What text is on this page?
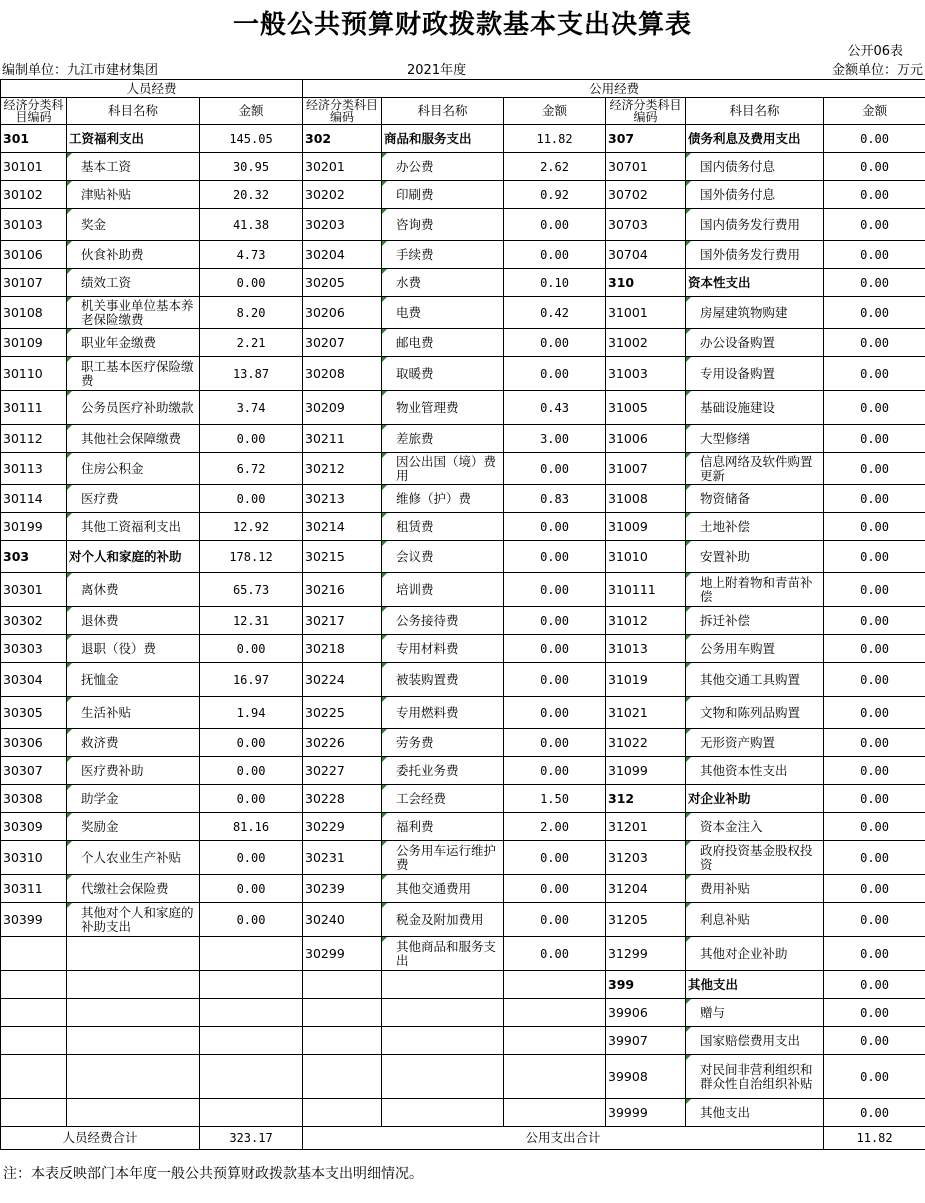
一般公共预算财政拨款基本支出决算表
公开06表
编制单位：九江市建材集团	2021年度	金额单位：万元
人员经费			公用经费					
经济分类科目编码	科目名称	金额	经济分类科目编码	科目名称	金额	经济分类科目编码	科目名称	金额
301	工资福利支出	145.05	302	商品和服务支出	11.82	307	债务利息及费用支出	0.00
30101	基本工资	30.95	30201	办公费	2.62	30701	国内债务付息	0.00
30102	津贴补贴	20.32	30202	印刷费	0.92	30702	国外债务付息	0.00
30103	奖金	41.38	30203	咨询费	0.00	30703	国内债务发行费用	0.00
30106	伙食补助费	4.73	30204	手续费	0.00	30704	国外债务发行费用	0.00
30107	绩效工资	0.00	30205	水费	0.10	310	资本性支出	0.00
30108	机关事业单位基本养老保险缴费	8.20	30206	电费	0.42	31001	房屋建筑物购建	0.00
30109	职业年金缴费	2.21	30207	邮电费	0.00	31002	办公设备购置	0.00
30110	职工基本医疗保险缴费	13.87	30208	取暖费	0.00	31003	专用设备购置	0.00
30111	公务员医疗补助缴款	3.74	30209	物业管理费	0.43	31005	基础设施建设	0.00
30112	其他社会保障缴费	0.00	30211	差旅费	3.00	31006	大型修缮	0.00
30113	住房公积金	6.72	30212	因公出国（境）费用	0.00	31007	信息网络及软件购置更新	0.00
30114	医疗费	0.00	30213	维修（护）费	0.83	31008	物资储备	0.00
30199	其他工资福利支出	12.92	30214	租赁费	0.00	31009	土地补偿	0.00
303	对个人和家庭的补助	178.12	30215	会议费	0.00	31010	安置补助	0.00
30301	离休费	65.73	30216	培训费	0.00	310111	地上附着物和青苗补偿	0.00
30302	退休费	12.31	30217	公务接待费	0.00	31012	拆迁补偿	0.00
30303	退职（役）费	0.00	30218	专用材料费	0.00	31013	公务用车购置	0.00
30304	抚恤金	16.97	30224	被装购置费	0.00	31019	其他交通工具购置	0.00
30305	生活补贴	1.94	30225	专用燃料费	0.00	31021	文物和陈列品购置	0.00
30306	救济费	0.00	30226	劳务费	0.00	31022	无形资产购置	0.00
30307	医疗费补助	0.00	30227	委托业务费	0.00	31099	其他资本性支出	0.00
30308	助学金	0.00	30228	工会经费	1.50	312	对企业补助	0.00
30309	奖励金	81.16	30229	福利费	2.00	31201	资本金注入	0.00
30310	个人农业生产补贴	0.00	30231	公务用车运行维护费	0.00	31203	政府投资基金股权投资	0.00
30311	代缴社会保险费	0.00	30239	其他交通费用	0.00	31204	费用补贴	0.00
30399	其他对个人和家庭的补助支出	0.00	30240	税金及附加费用	0.00	31205	利息补贴	0.00
			30299	其他商品和服务支出	0.00	31299	其他对企业补助	0.00
						399	其他支出	0.00
						39906	赠与	0.00
						39907	国家赔偿费用支出	0.00
						39908	对民间非营利组织和群众性自治组织补贴	0.00
						39999	其他支出	0.00
人员经费合计		323.17	公用支出合计					11.82
注：本表反映部门本年度一般公共预算财政拨款基本支出明细情况。
